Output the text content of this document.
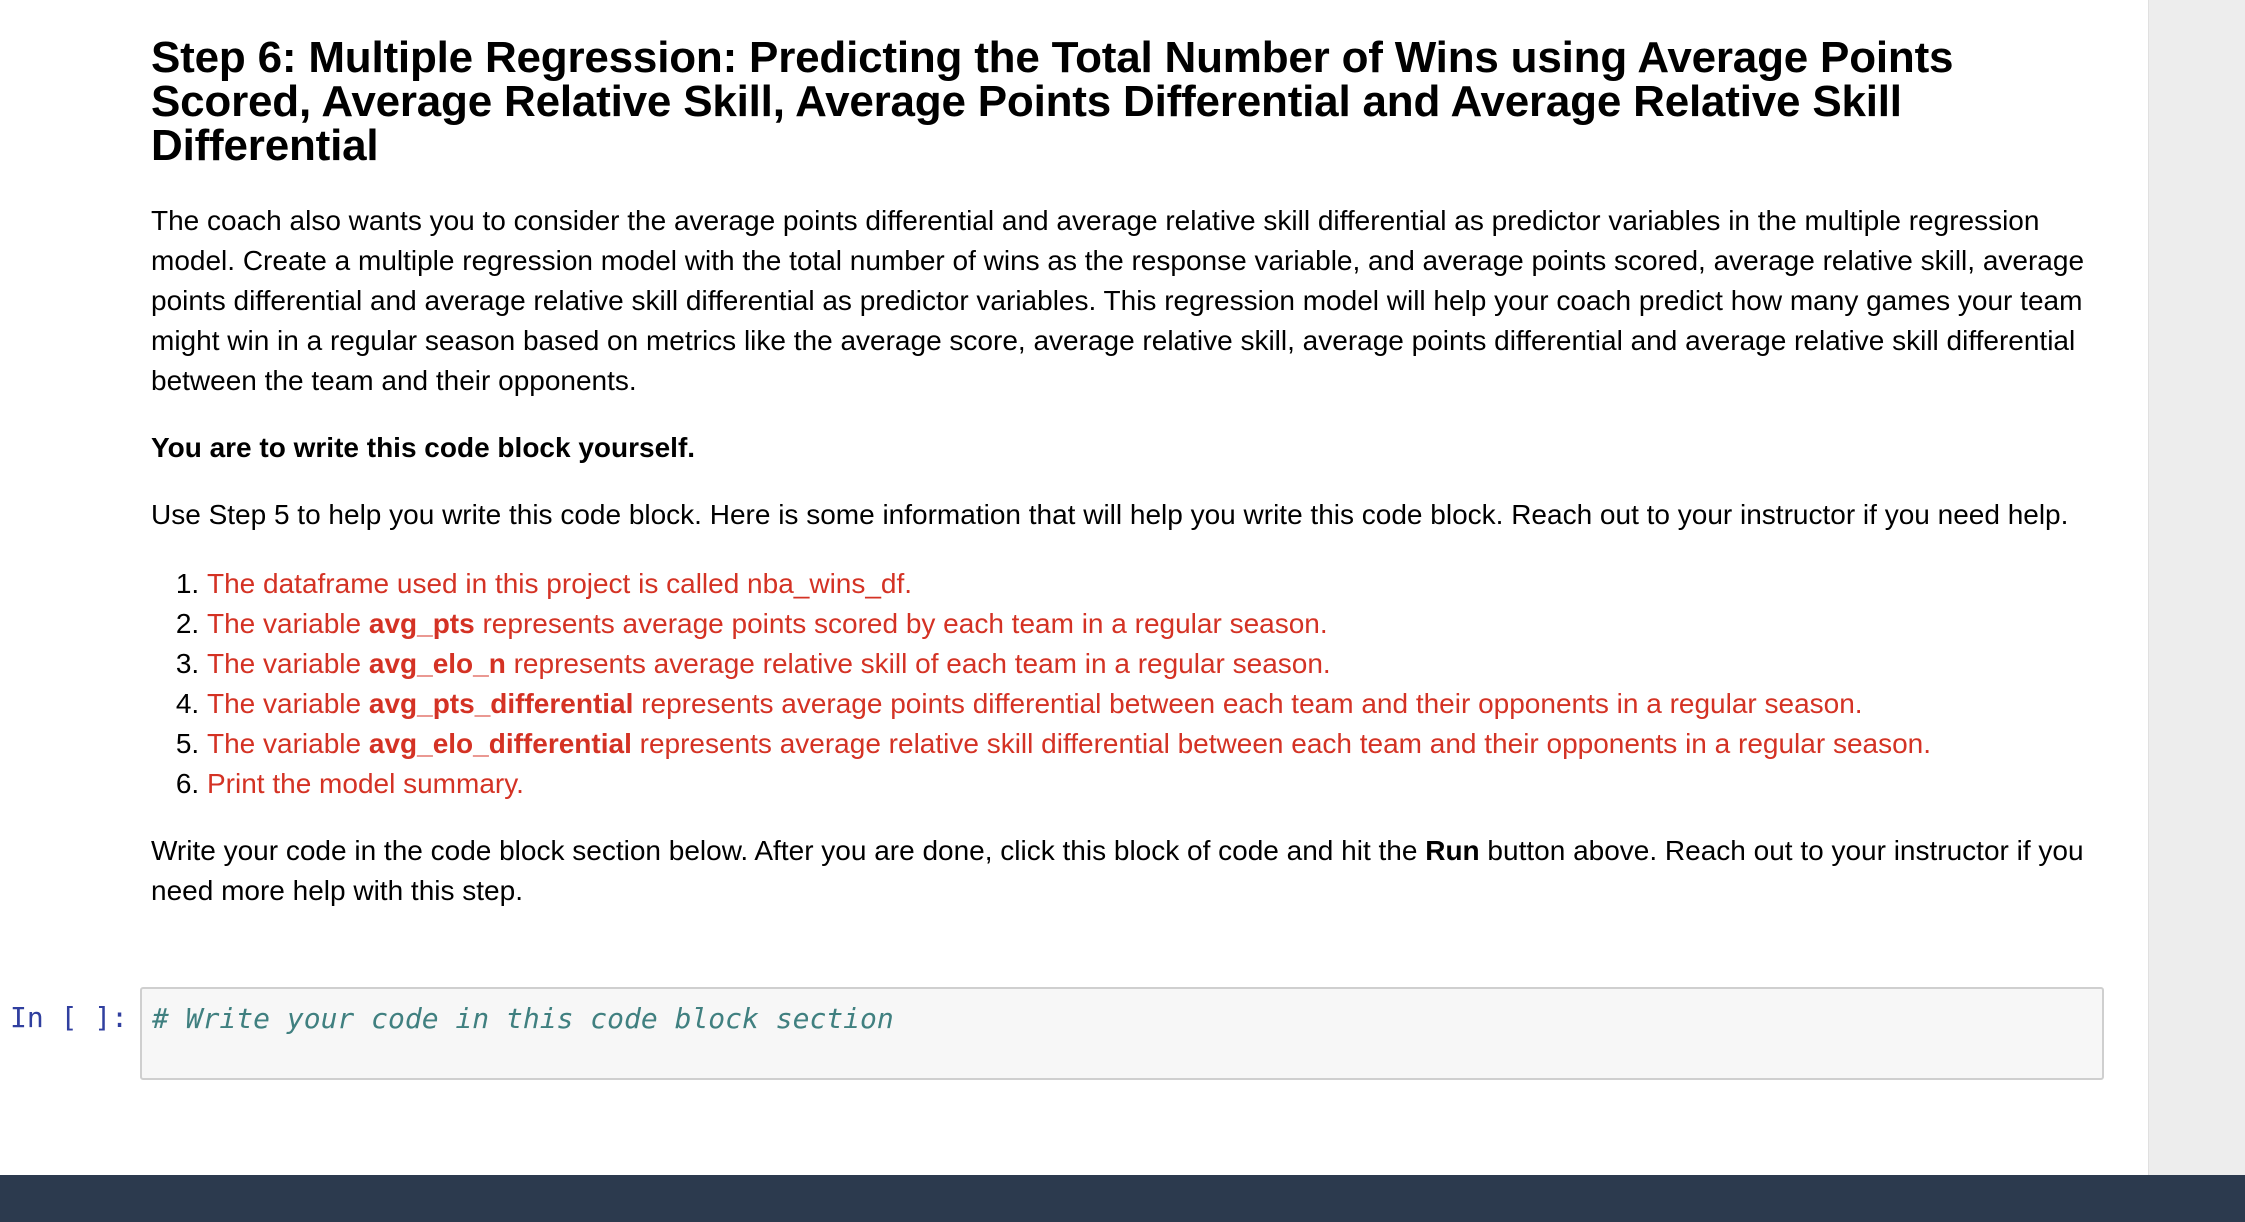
Step 6: Multiple Regression: Predicting the Total Number of Wins using Average Points Scored, Average Relative Skill, Average Points Differential and Average Relative Skill Differential

The coach also wants you to consider the average points differential and average relative skill differential as predictor variables in the multiple regression model. Create a multiple regression model with the total number of wins as the response variable, and average points scored, average relative skill, average points differential and average relative skill differential as predictor variables. This regression model will help your coach predict how many games your team might win in a regular season based on metrics like the average score, average relative skill, average points differential and average relative skill differential between the team and their opponents.

You are to write this code block yourself.

Use Step 5 to help you write this code block. Here is some information that will help you write this code block. Reach out to your instructor if you need help.

1. The dataframe used in this project is called nba_wins_df.
2. The variable avg_pts represents average points scored by each team in a regular season.
3. The variable avg_elo_n represents average relative skill of each team in a regular season.
4. The variable avg_pts_differential represents average points differential between each team and their opponents in a regular season.
5. The variable avg_elo_differential represents average relative skill differential between each team and their opponents in a regular season.
6. Print the model summary.

Write your code in the code block section below. After you are done, click this block of code and hit the Run button above. Reach out to your instructor if you need more help with this step.

In [ ]: # Write your code in this code block section
